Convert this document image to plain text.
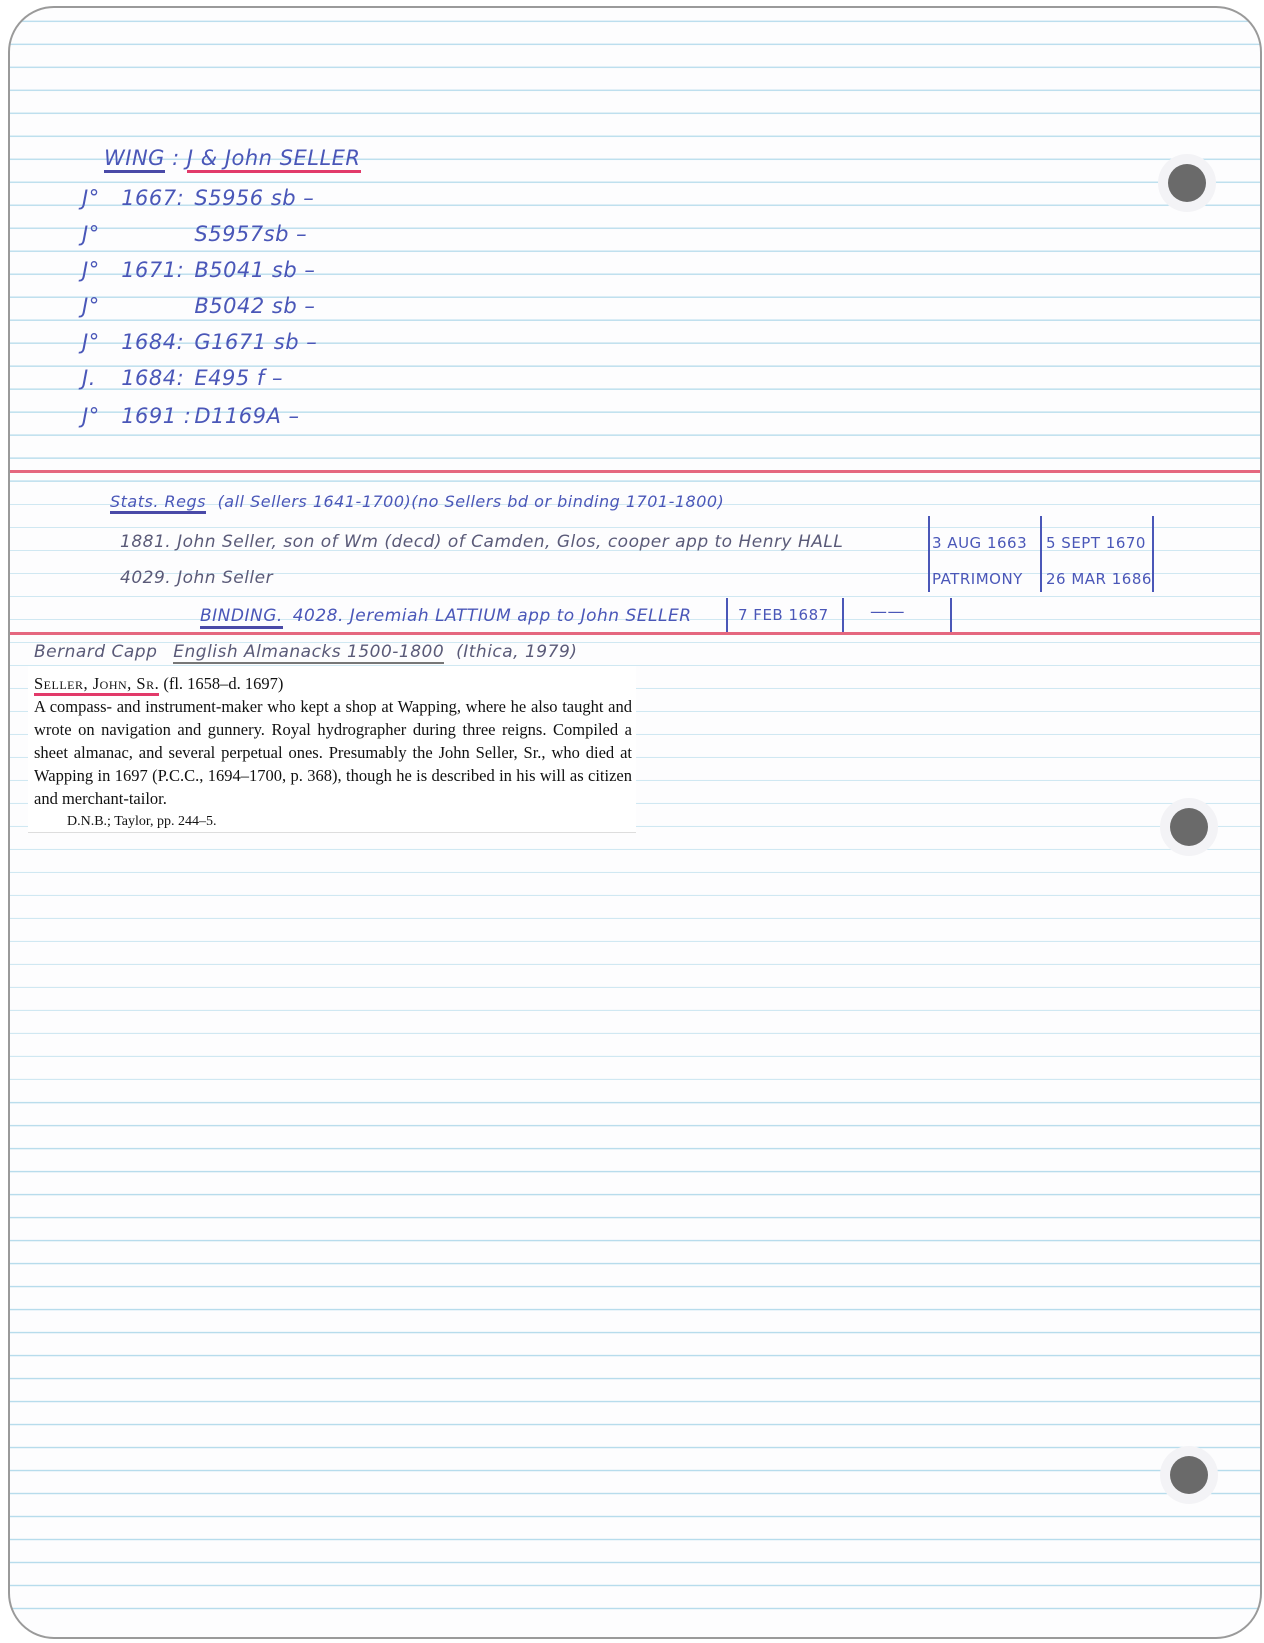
WING : J & John SELLER
J° 1667: S5956 sb –
J°	S5957sb –
J° 1671: B5041 sb –
J°	B5042 sb –
J° 1684: G1671 sb –
J. 1684: E495 f –
J° 1691 : D1169A –
Stats. Regs (all Sellers 1641-1700)(no Sellers bd or binding 1701-1800)
1881. John Seller, son of Wm (decd) of Camden, Glos, cooper app to Henry HALL	3 AUG 1663 5 SEPT 1670
4029. John Seller	PATRIMONY 26 MAR 1686
BINDING. 4028. Jeremiah LATTIUM app to John SELLER	7 FEB 1687 ——
Bernard Capp English Almanacks 1500-1800 (Ithica, 1979)
Seller, John, Sr. (fl. 1658–d. 1697)
A compass- and instrument-maker who kept a shop at Wapping, where he also taught and wrote on navigation and gunnery. Royal hydrographer during three reigns. Compiled a sheet almanac, and several perpetual ones. Presumably the John Seller, Sr., who died at Wapping in 1697 (P.C.C., 1694–1700, p. 368), though he is described in his will as citizen and merchant-tailor.
D.N.B.; Taylor, pp. 244–5.
